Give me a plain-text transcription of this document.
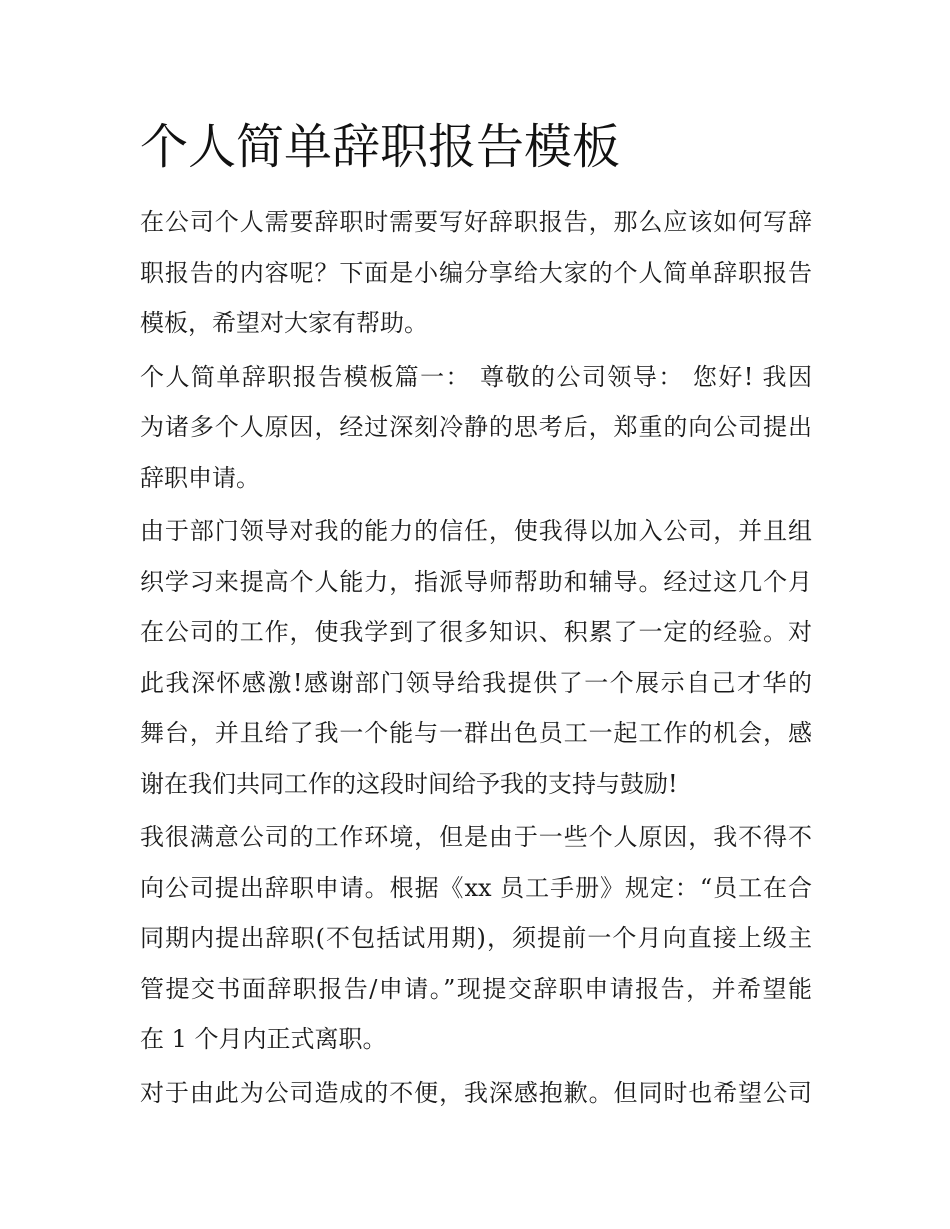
个人简单辞职报告模板
在公司个人需要辞职时需要写好辞职报告，那么应该如何写辞
职报告的内容呢？下面是小编分享给大家的个人简单辞职报告
模板，希望对大家有帮助。
个人简单辞职报告模板篇一： 尊敬的公司领导： 您好! 我因
为诸多个人原因，经过深刻冷静的思考后，郑重的向公司提出
辞职申请。
由于部门领导对我的能力的信任，使我得以加入公司，并且组
织学习来提高个人能力，指派导师帮助和辅导。经过这几个月
在公司的工作，使我学到了很多知识、积累了一定的经验。对
此我深怀感激!感谢部门领导给我提供了一个展示自己才华的
舞台，并且给了我一个能与一群出色员工一起工作的机会，感
谢在我们共同工作的这段时间给予我的支持与鼓励!
我很满意公司的工作环境，但是由于一些个人原因，我不得不
向公司提出辞职申请。根据《xx 员工手册》规定：“员工在合
同期内提出辞职(不包括试用期)，须提前一个月向直接上级主
管提交书面辞职报告/申请。”现提交辞职申请报告，并希望能
在 1 个月内正式离职。
对于由此为公司造成的不便，我深感抱歉。但同时也希望公司
